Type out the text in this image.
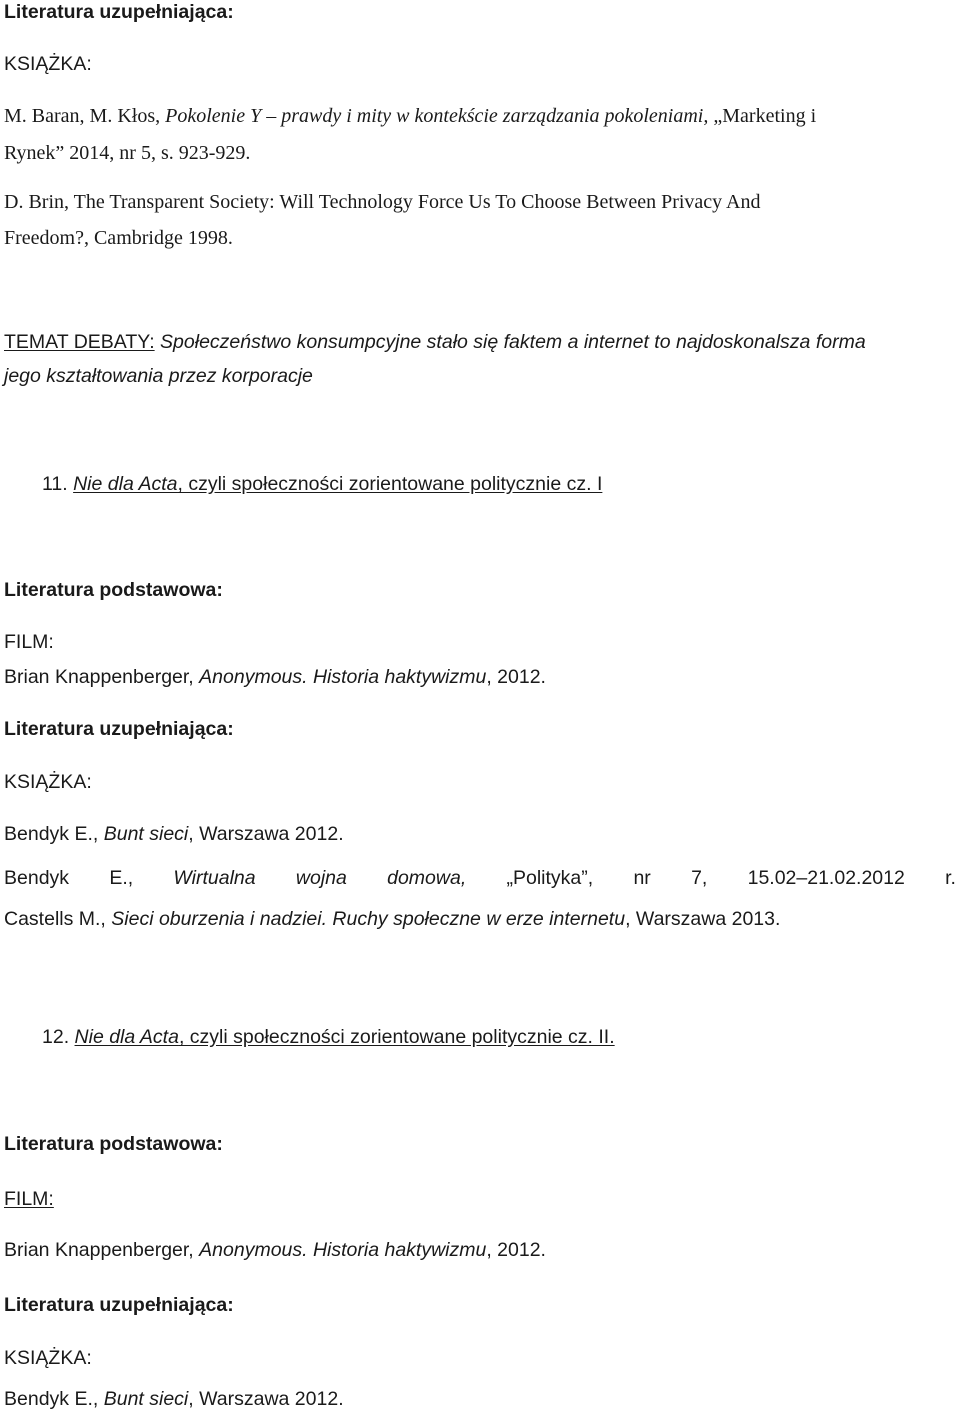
Literatura uzupełniająca:
KSIĄŻKA:
M. Baran, M. Kłos, Pokolenie Y – prawdy i mity w kontekście zarządzania pokoleniami, „Marketing i
Rynek” 2014, nr 5, s. 923-929.
D. Brin, The Transparent Society: Will Technology Force Us To Choose Between Privacy And
Freedom?, Cambridge 1998.
TEMAT DEBATY: Społeczeństwo konsumpcyjne stało się faktem a internet to najdoskonalsza forma
jego kształtowania przez korporacje
11. Nie dla Acta, czyli społeczności zorientowane politycznie cz. I
Literatura podstawowa:
FILM:
Brian Knappenberger, Anonymous. Historia haktywizmu, 2012.
Literatura uzupełniająca:
KSIĄŻKA:
Bendyk E., Bunt sieci, Warszawa 2012.
Bendyk E., Wirtualna wojna domowa, „Polityka”, nr 7, 15.02–21.02.2012 r.
Castells M., Sieci oburzenia i nadziei. Ruchy społeczne w erze internetu, Warszawa 2013.
12. Nie dla Acta, czyli społeczności zorientowane politycznie cz. II.
Literatura podstawowa:
FILM:
Brian Knappenberger, Anonymous. Historia haktywizmu, 2012.
Literatura uzupełniająca:
KSIĄŻKA:
Bendyk E., Bunt sieci, Warszawa 2012.
